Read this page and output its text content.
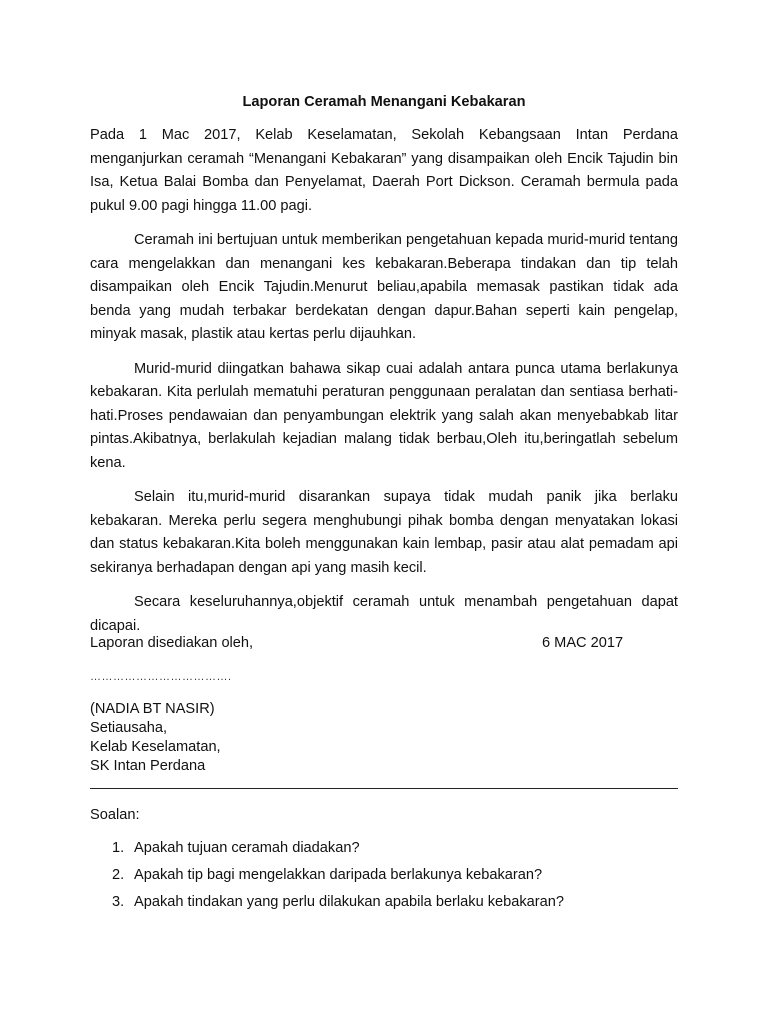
Laporan Ceramah Menangani Kebakaran

Pada 1 Mac 2017, Kelab Keselamatan, Sekolah Kebangsaan Intan Perdana menganjurkan ceramah “Menangani Kebakaran” yang disampaikan oleh Encik Tajudin bin Isa, Ketua Balai Bomba dan Penyelamat, Daerah Port Dickson. Ceramah bermula pada pukul 9.00 pagi hingga 11.00 pagi.

Ceramah ini bertujuan untuk memberikan pengetahuan kepada murid-murid tentang cara mengelakkan dan menangani kes kebakaran.Beberapa tindakan dan tip telah disampaikan oleh Encik Tajudin.Menurut beliau,apabila memasak pastikan tidak ada benda yang mudah terbakar berdekatan dengan dapur.Bahan seperti kain pengelap, minyak masak, plastik atau kertas perlu dijauhkan.

Murid-murid diingatkan bahawa sikap cuai adalah antara punca utama berlakunya kebakaran. Kita perlulah mematuhi peraturan penggunaan peralatan dan sentiasa berhati-hati.Proses pendawaian dan penyambungan elektrik yang salah akan menyebabkab litar pintas.Akibatnya, berlakulah kejadian malang tidak berbau,Oleh itu,beringatlah sebelum kena.

Selain itu,murid-murid disarankan supaya tidak mudah panik jika berlaku kebakaran. Mereka perlu segera menghubungi pihak bomba dengan menyatakan lokasi dan status kebakaran.Kita boleh menggunakan kain lembap, pasir atau alat pemadam api sekiranya berhadapan dengan api yang masih kecil.

Secara keseluruhannya,objektif ceramah untuk menambah pengetahuan dapat dicapai.

Laporan disediakan oleh,	6 MAC 2017
……………………………….
(NADIA BT NASIR)
Setiausaha,
Kelab Keselamatan,
SK Intan Perdana
Soalan:
1. Apakah tujuan ceramah diadakan?
2. Apakah tip bagi mengelakkan daripada berlakunya kebakaran?
3. Apakah tindakan yang perlu dilakukan apabila berlaku kebakaran?
